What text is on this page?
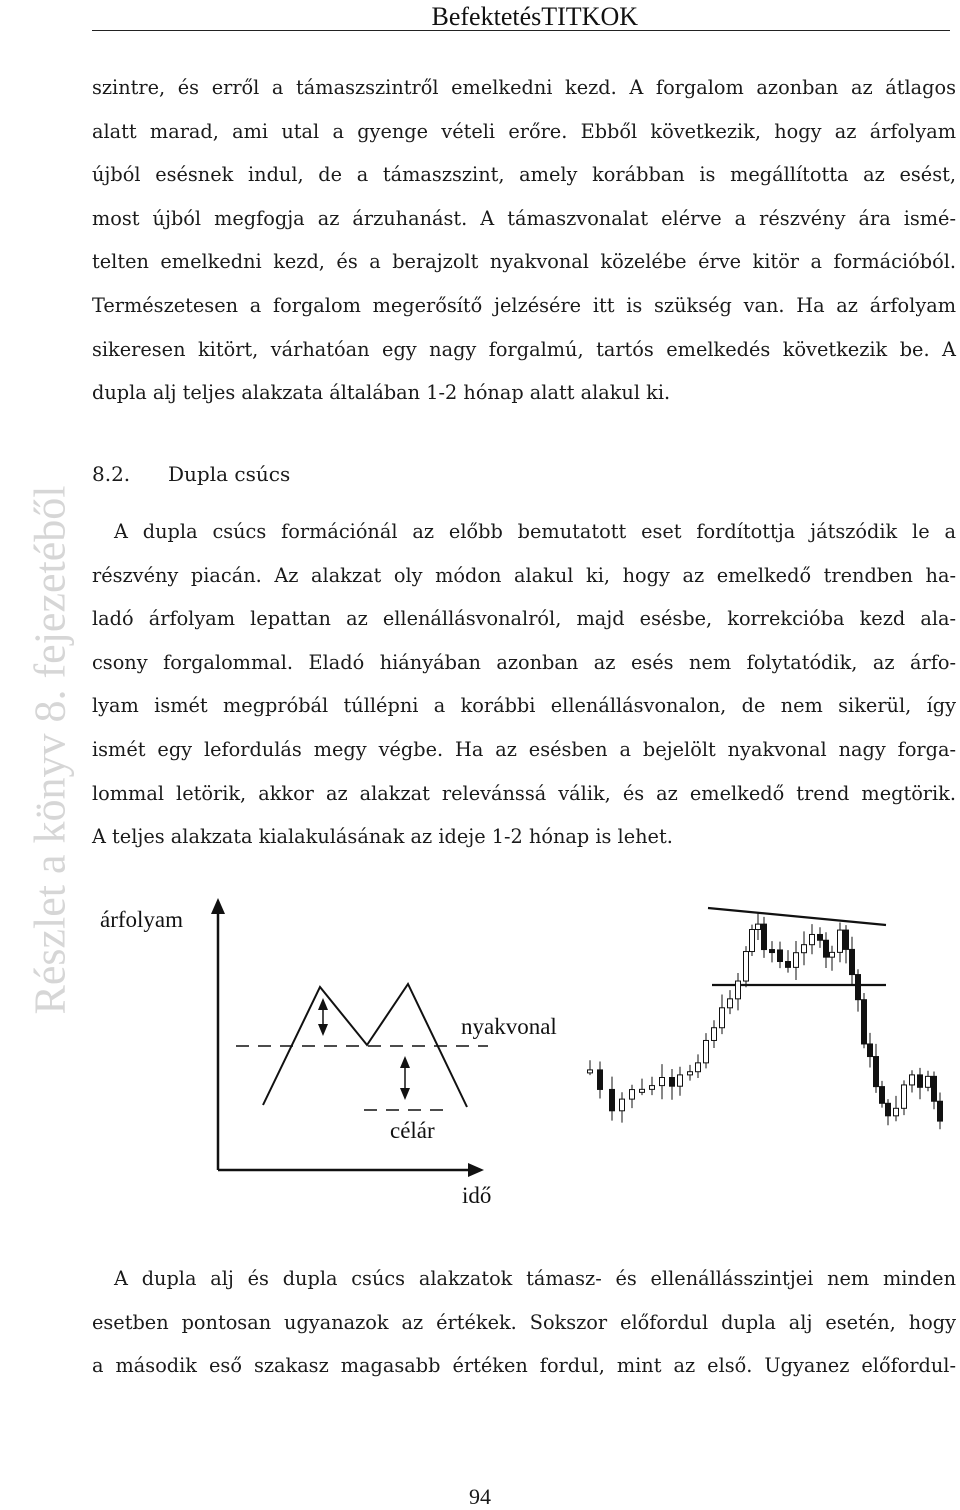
BefektetésTITKOK
Részlet a könyv 8. fejezetéből
szintre, és erről a támaszszintről emelkedni kezd. A forgalom azonban az átlagos
alatt marad, ami utal a gyenge vételi erőre. Ebből következik, hogy az árfolyam
újból esésnek indul, de a támaszszint, amely korábban is megállította az esést,
most újból megfogja az árzuhanást. A támaszvonalat elérve a részvény ára ismé-
telten emelkedni kezd, és a berajzolt nyakvonal közelébe érve kitör a formációból.
Természetesen a forgalom megerősítő jelzésére itt is szükség van. Ha az árfolyam
sikeresen kitört, várhatóan egy nagy forgalmú, tartós emelkedés következik be. A
dupla alj teljes alakzata általában 1-2 hónap alatt alakul ki.
8.2. Dupla csúcs
A dupla csúcs formációnál az előbb bemutatott eset fordítottja játszódik le a
részvény piacán. Az alakzat oly módon alakul ki, hogy az emelkedő trendben ha-
ladó árfolyam lepattan az ellenállásvonalról, majd esésbe, korrekcióba kezd ala-
csony forgalommal. Eladó hiányában azonban az esés nem folytatódik, az árfo-
lyam ismét megpróbál túllépni a korábbi ellenállásvonalon, de nem sikerül, így
ismét egy lefordulás megy végbe. Ha az esésben a bejelölt nyakvonal nagy forga-
lommal letörik, akkor az alakzat relevánssá válik, és az emelkedő trend megtörik.
A teljes alakzata kialakulásának az ideje 1-2 hónap is lehet.
árfolyam
nyakvonal
célár
idő
A dupla alj és dupla csúcs alakzatok támasz- és ellenállásszintjei nem minden
esetben pontosan ugyanazok az értékek. Sokszor előfordul dupla alj esetén, hogy
a második eső szakasz magasabb értéken fordul, mint az első. Ugyanez előfordul-
94
